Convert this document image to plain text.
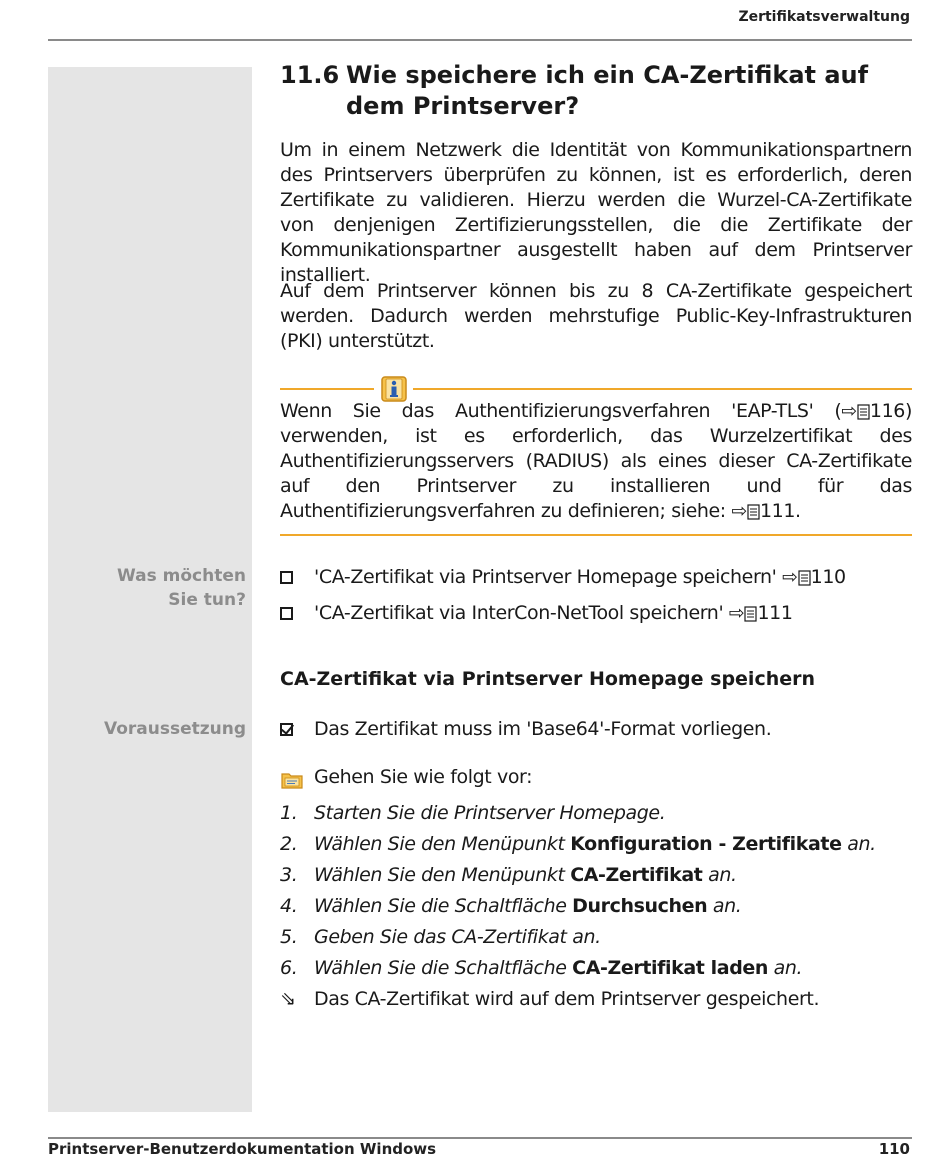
Zertifikatsverwaltung
Was möchten
Sie tun?
Voraussetzung
11.6 Wie speichere ich ein CA-Zertifikat auf dem Printserver?
Um in einem Netzwerk die Identität von Kommunikationspartnern des Printservers überprüfen zu können, ist es erforderlich, deren Zertifikate zu validieren. Hierzu werden die Wurzel-CA-Zertifikate von denjenigen Zertifizierungsstellen, die die Zertifikate der Kommunikationspartner ausgestellt haben auf dem Printserver installiert.
Auf dem Printserver können bis zu 8 CA-Zertifikate gespeichert werden. Dadurch werden mehrstufige Public-Key-Infrastrukturen (PKI) unterstützt.
Wenn Sie das Authentifizierungsverfahren 'EAP-TLS' (⇨ 116) verwenden, ist es erforderlich, das Wurzelzertifikat des Authentifizierungsservers (RADIUS) als eines dieser CA-Zertifikate auf den Printserver zu installieren und für das Authentifizierungsverfahren zu definieren; siehe: ⇨ 111.
'CA-Zertifikat via Printserver Homepage speichern' ⇨ 110
'CA-Zertifikat via InterCon-NetTool speichern' ⇨ 111
CA-Zertifikat via Printserver Homepage speichern
Das Zertifikat muss im 'Base64'-Format vorliegen.
Gehen Sie wie folgt vor:
1. Starten Sie die Printserver Homepage.
2. Wählen Sie den Menüpunkt Konfiguration - Zertifikate an.
3. Wählen Sie den Menüpunkt CA-Zertifikat an.
4. Wählen Sie die Schaltfläche Durchsuchen an.
5. Geben Sie das CA-Zertifikat an.
6. Wählen Sie die Schaltfläche CA-Zertifikat laden an.
⇘ Das CA-Zertifikat wird auf dem Printserver gespeichert.
Printserver-Benutzerdokumentation Windows	110
